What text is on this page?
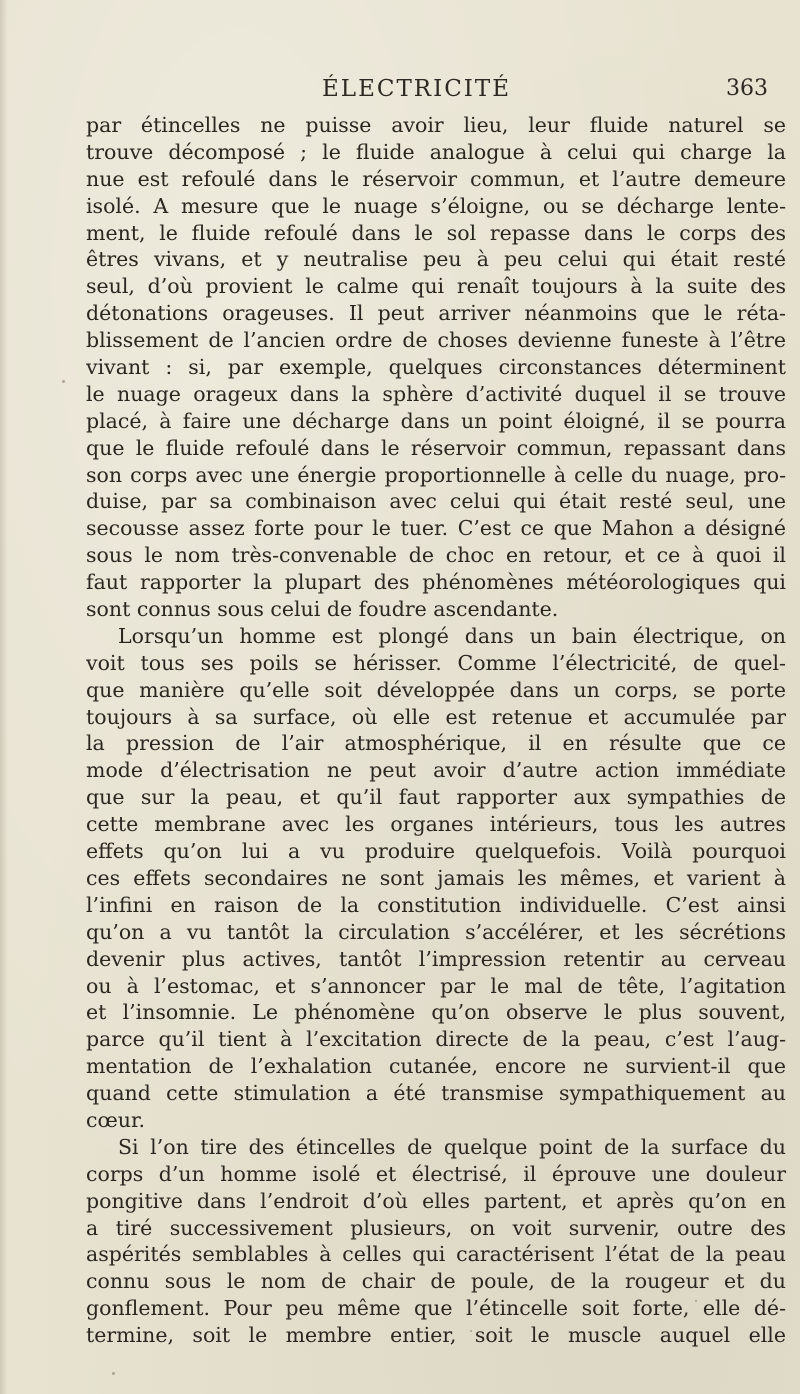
ÉLECTRICITÉ	363
par étincelles ne puisse avoir lieu, leur fluide naturel se
trouve décomposé ; le fluide analogue à celui qui charge la
nue est refoulé dans le réservoir commun, et l’autre demeure
isolé. A mesure que le nuage s’éloigne, ou se décharge lente-
ment, le fluide refoulé dans le sol repasse dans le corps des
êtres vivans, et y neutralise peu à peu celui qui était resté
seul, d’où provient le calme qui renaît toujours à la suite des
détonations orageuses. Il peut arriver néanmoins que le réta-
blissement de l’ancien ordre de choses devienne funeste à l’être
vivant : si, par exemple, quelques circonstances déterminent
le nuage orageux dans la sphère d’activité duquel il se trouve
placé, à faire une décharge dans un point éloigné, il se pourra
que le fluide refoulé dans le réservoir commun, repassant dans
son corps avec une énergie proportionnelle à celle du nuage, pro-
duise, par sa combinaison avec celui qui était resté seul, une
secousse assez forte pour le tuer. C’est ce que Mahon a désigné
sous le nom très-convenable de choc en retour, et ce à quoi il
faut rapporter la plupart des phénomènes météorologiques qui
sont connus sous celui de foudre ascendante.
Lorsqu’un homme est plongé dans un bain électrique, on
voit tous ses poils se hérisser. Comme l’électricité, de quel-
que manière qu’elle soit développée dans un corps, se porte
toujours à sa surface, où elle est retenue et accumulée par
la pression de l’air atmosphérique, il en résulte que ce
mode d’électrisation ne peut avoir d’autre action immédiate
que sur la peau, et qu’il faut rapporter aux sympathies de
cette membrane avec les organes intérieurs, tous les autres
effets qu’on lui a vu produire quelquefois. Voilà pourquoi
ces effets secondaires ne sont jamais les mêmes, et varient à
l’infini en raison de la constitution individuelle. C’est ainsi
qu’on a vu tantôt la circulation s’accélérer, et les sécrétions
devenir plus actives, tantôt l’impression retentir au cerveau
ou à l’estomac, et s’annoncer par le mal de tête, l’agitation
et l’insomnie. Le phénomène qu’on observe le plus souvent,
parce qu’il tient à l’excitation directe de la peau, c’est l’aug-
mentation de l’exhalation cutanée, encore ne survient-il que
quand cette stimulation a été transmise sympathiquement au
cœur.
Si l’on tire des étincelles de quelque point de la surface du
corps d’un homme isolé et électrisé, il éprouve une douleur
pongitive dans l’endroit d’où elles partent, et après qu’on en
a tiré successivement plusieurs, on voit survenir, outre des
aspérités semblables à celles qui caractérisent l’état de la peau
connu sous le nom de chair de poule, de la rougeur et du
gonflement. Pour peu même que l’étincelle soit forte, elle dé-
termine, soit le membre entier, soit le muscle auquel elle
